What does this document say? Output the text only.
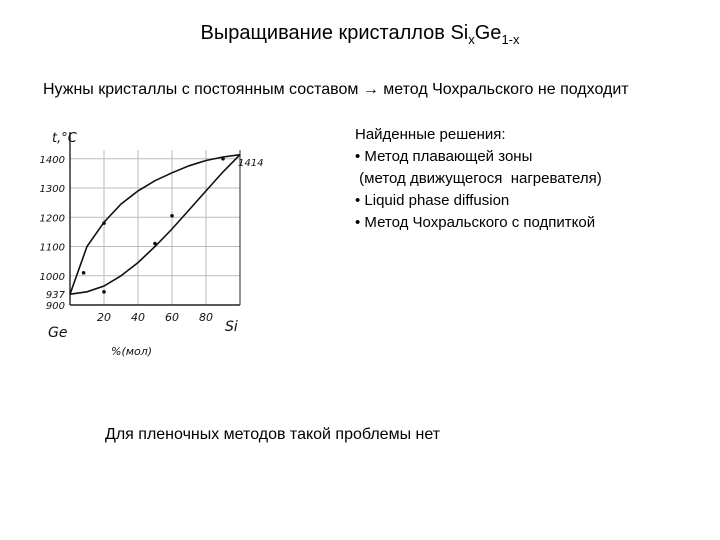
Выращивание кристаллов $Si_xGe_{1-x}$
Нужны кристаллы с постоянным составом → метод Чохральского не подходит
1400
1300
1200
1100
1000
937
900
20 40 60 80
t,°C
Ge	Si
%(мол)
1414
Найденные решения:
• Метод плавающей зоны
(метод движущегося  нагревателя)
• Liquid phase diffusion
• Метод Чохральского с подпиткой
Для пленочных методов такой проблемы нет
